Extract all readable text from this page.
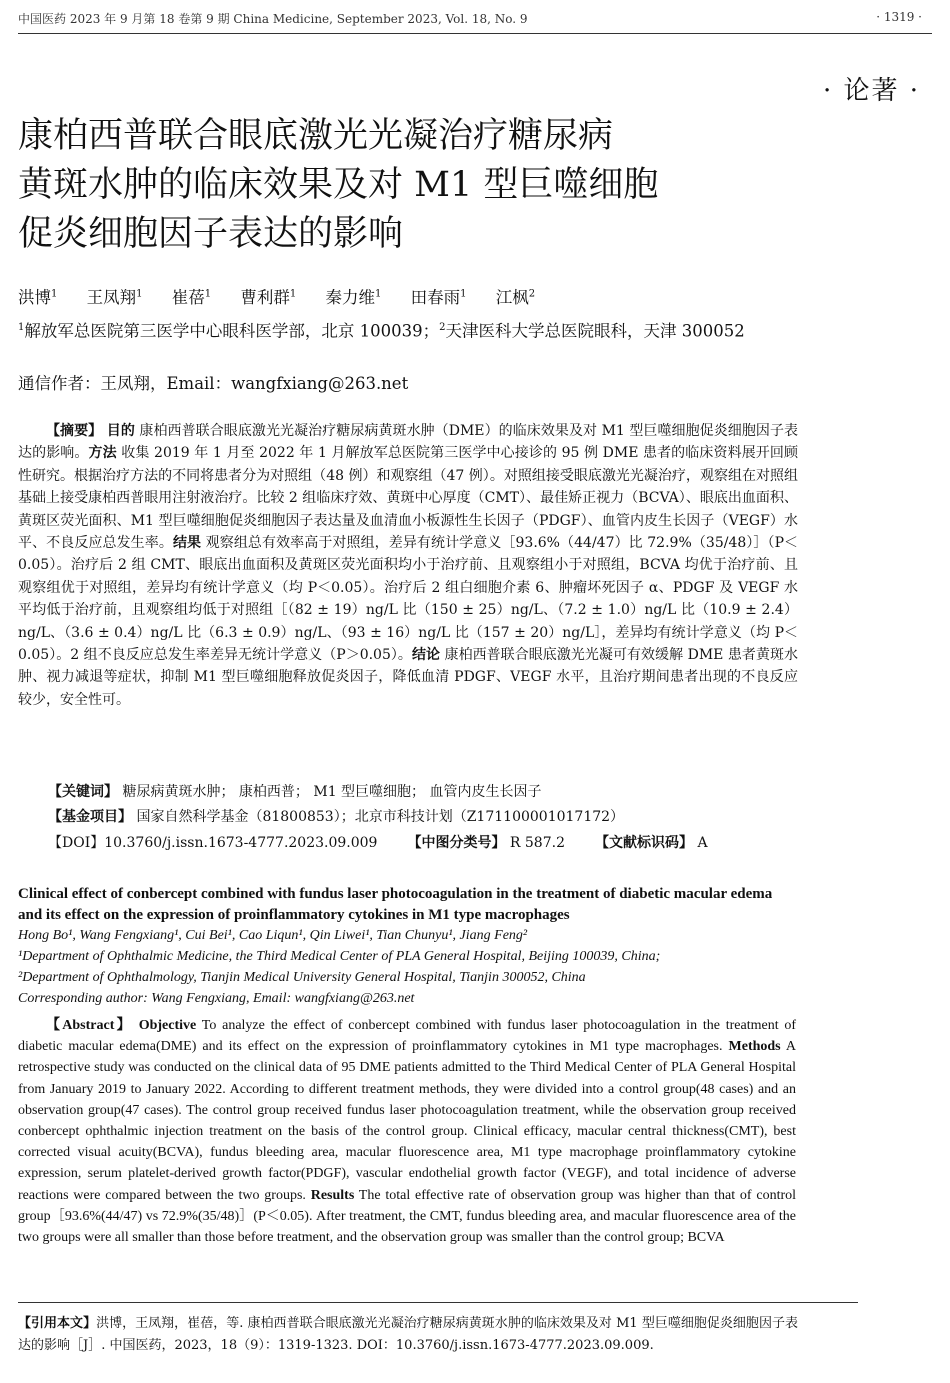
中国医药 2023 年 9 月第 18 卷第 9 期 China Medicine, September 2023, Vol. 18, No. 9	· 1319 ·
· 论著 ·
康柏西普联合眼底激光光凝治疗糖尿病
黄斑水肿的临床效果及对 M1 型巨噬细胞
促炎细胞因子表达的影响
洪博$^1$ 王凤翔$^1$ 崔蓓$^1$ 曹利群$^1$ 秦力维$^1$ 田春雨$^1$ 江枫$^2$
$^1$解放军总医院第三医学中心眼科医学部，北京 100039；$^2$天津医科大学总医院眼科，天津 300052
通信作者：王凤翔，Email：wangfxiang@263.net
【摘要】 目的 康柏西普联合眼底激光光凝治疗糖尿病黄斑水肿（DME）的临床效果及对 M1 型巨噬细胞促炎细胞因子表达的影响。方法 收集 2019 年 1 月至 2022 年 1 月解放军总医院第三医学中心接诊的 95 例 DME 患者的临床资料展开回顾性研究。根据治疗方法的不同将患者分为对照组（48 例）和观察组（47 例）。对照组接受眼底激光光凝治疗，观察组在对照组基础上接受康柏西普眼用注射液治疗。比较 2 组临床疗效、黄斑中心厚度（CMT）、最佳矫正视力（BCVA）、眼底出血面积、黄斑区荧光面积、M1 型巨噬细胞促炎细胞因子表达量及血清血小板源性生长因子（PDGF）、血管内皮生长因子（VEGF）水平、不良反应总发生率。结果 观察组总有效率高于对照组，差异有统计学意义［93.6%（44/47）比 72.9%（35/48）］（P＜0.05）。治疗后 2 组 CMT、眼底出血面积及黄斑区荧光面积均小于治疗前、且观察组小于对照组，BCVA 均优于治疗前、且观察组优于对照组，差异均有统计学意义（均 P＜0.05）。治疗后 2 组白细胞介素 6、肿瘤坏死因子 α、PDGF 及 VEGF 水平均低于治疗前，且观察组均低于对照组［（82 ± 19）ng/L 比（150 ± 25）ng/L、（7.2 ± 1.0）ng/L 比（10.9 ± 2.4）ng/L、（3.6 ± 0.4）ng/L 比（6.3 ± 0.9）ng/L、（93 ± 16）ng/L 比（157 ± 20）ng/L］，差异均有统计学意义（均 P＜0.05）。2 组不良反应总发生率差异无统计学意义（P＞0.05）。结论 康柏西普联合眼底激光光凝可有效缓解 DME 患者黄斑水肿、视力减退等症状，抑制 M1 型巨噬细胞释放促炎因子，降低血清 PDGF、VEGF 水平，且治疗期间患者出现的不良反应较少，安全性可。
【关键词】 糖尿病黄斑水肿； 康柏西普； M1 型巨噬细胞； 血管内皮生长因子
【基金项目】 国家自然科学基金（81800853）；北京市科技计划（Z171100001017172）
【DOI】10.3760/j.issn.1673-4777.2023.09.009 【中图分类号】 R 587.2 【文献标识码】 A
Clinical effect of conbercept combined with fundus laser photocoagulation in the treatment of diabetic macular edema and its effect on the expression of proinflammatory cytokines in M1 type macrophages
Hong Bo¹, Wang Fengxiang¹, Cui Bei¹, Cao Liqun¹, Qin Liwei¹, Tian Chunyu¹, Jiang Feng²
¹Department of Ophthalmic Medicine, the Third Medical Center of PLA General Hospital, Beijing 100039, China;
²Department of Ophthalmology, Tianjin Medical University General Hospital, Tianjin 300052, China
Corresponding author: Wang Fengxiang, Email: wangfxiang@263.net
【Abstract】 Objective To analyze the effect of conbercept combined with fundus laser photocoagulation in the treatment of diabetic macular edema(DME) and its effect on the expression of proinflammatory cytokines in M1 type macrophages. Methods A retrospective study was conducted on the clinical data of 95 DME patients admitted to the Third Medical Center of PLA General Hospital from January 2019 to January 2022. According to different treatment methods, they were divided into a control group(48 cases) and an observation group(47 cases). The control group received fundus laser photocoagulation treatment, while the observation group received conbercept ophthalmic injection treatment on the basis of the control group. Clinical efficacy, macular central thickness(CMT), best corrected visual acuity(BCVA), fundus bleeding area, macular fluorescence area, M1 type macrophage proinflammatory cytokine expression, serum platelet-derived growth factor(PDGF), vascular endothelial growth factor (VEGF), and total incidence of adverse reactions were compared between the two groups. Results The total effective rate of observation group was higher than that of control group［93.6%(44/47) vs 72.9%(35/48)］(P＜0.05). After treatment, the CMT, fundus bleeding area, and macular fluorescence area of the two groups were all smaller than those before treatment, and the observation group was smaller than the control group; BCVA
【引用本文】洪博，王凤翔，崔蓓，等. 康柏西普联合眼底激光光凝治疗糖尿病黄斑水肿的临床效果及对 M1 型巨噬细胞促炎细胞因子表达的影响［J］. 中国医药，2023，18（9）：1319-1323. DOI：10.3760/j.issn.1673-4777.2023.09.009.
